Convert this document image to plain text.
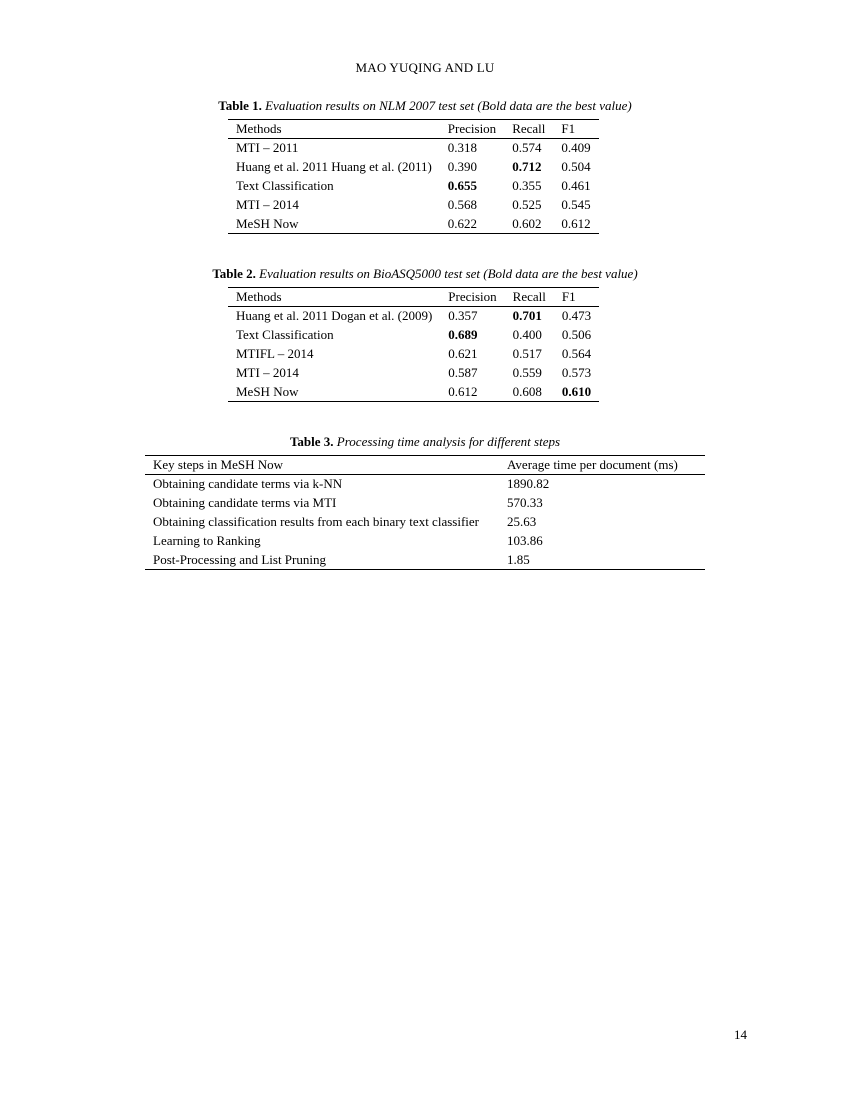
MAO YUQING AND LU
Table 1. Evaluation results on NLM 2007 test set (Bold data are the best value)
Methods	Precision	Recall	F1
MTI – 2011	0.318	0.574	0.409
Huang et al. 2011 Huang et al. (2011)	0.390	0.712	0.504
Text Classification	0.655	0.355	0.461
MTI – 2014	0.568	0.525	0.545
MeSH Now	0.622	0.602	0.612
Table 2. Evaluation results on BioASQ5000 test set (Bold data are the best value)
Methods	Precision	Recall	F1
Huang et al. 2011 Dogan et al. (2009)	0.357	0.701	0.473
Text Classification	0.689	0.400	0.506
MTIFL – 2014	0.621	0.517	0.564
MTI – 2014	0.587	0.559	0.573
MeSH Now	0.612	0.608	0.610
Table 3. Processing time analysis for different steps
Key steps in MeSH Now	Average time per document (ms)
Obtaining candidate terms via k-NN	1890.82
Obtaining candidate terms via MTI	570.33
Obtaining classification results from each binary text classifier	25.63
Learning to Ranking	103.86
Post-Processing and List Pruning	1.85
14
